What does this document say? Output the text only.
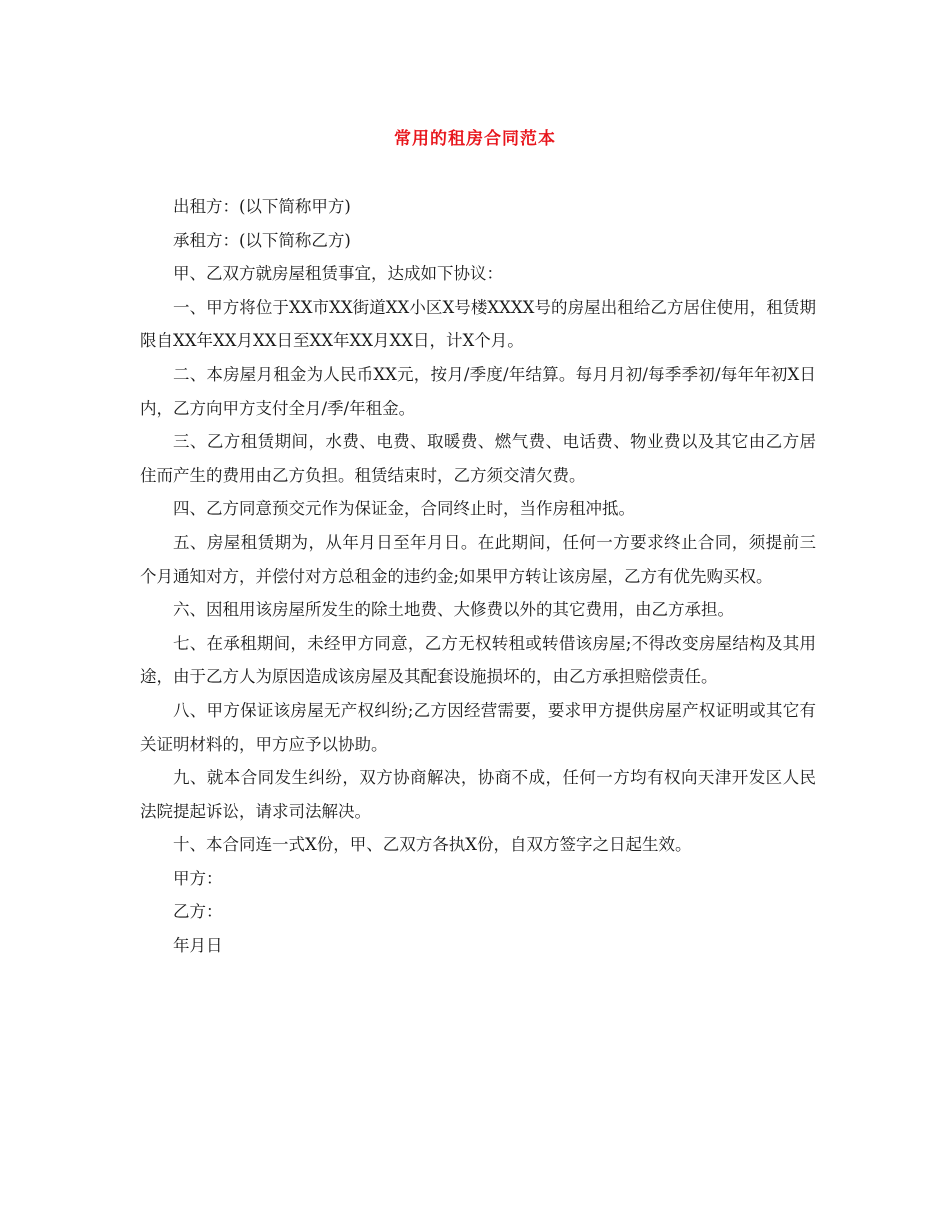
常用的租房合同范本

出租方：(以下简称甲方)

承租方：(以下简称乙方)

甲、乙双方就房屋租赁事宜，达成如下协议：

一、甲方将位于XX市XX街道XX小区X号楼XXXX号的房屋出租给乙方居住使用，租赁期限自XX年XX月XX日至XX年XX月XX日，计X个月。

二、本房屋月租金为人民币XX元，按月/季度/年结算。每月月初/每季季初/每年年初X日内，乙方向甲方支付全月/季/年租金。

三、乙方租赁期间，水费、电费、取暖费、燃气费、电话费、物业费以及其它由乙方居住而产生的费用由乙方负担。租赁结束时，乙方须交清欠费。

四、乙方同意预交元作为保证金，合同终止时，当作房租冲抵。

五、房屋租赁期为，从年月日至年月日。在此期间，任何一方要求终止合同，须提前三个月通知对方，并偿付对方总租金的违约金;如果甲方转让该房屋，乙方有优先购买权。

六、因租用该房屋所发生的除土地费、大修费以外的其它费用，由乙方承担。

七、在承租期间，未经甲方同意，乙方无权转租或转借该房屋;不得改变房屋结构及其用途，由于乙方人为原因造成该房屋及其配套设施损坏的，由乙方承担赔偿责任。

八、甲方保证该房屋无产权纠纷;乙方因经营需要，要求甲方提供房屋产权证明或其它有关证明材料的，甲方应予以协助。

九、就本合同发生纠纷，双方协商解决，协商不成，任何一方均有权向天津开发区人民法院提起诉讼，请求司法解决。

十、本合同连一式X份，甲、乙双方各执X份，自双方签字之日起生效。

甲方：

乙方：

年月日
